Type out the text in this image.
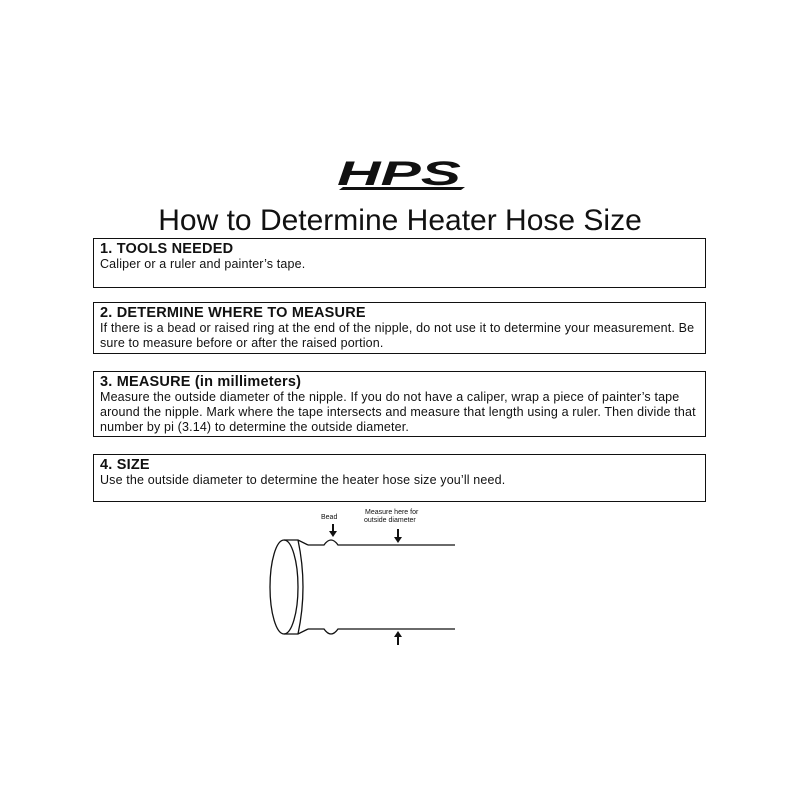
HPS
How to Determine Heater Hose Size
1. TOOLS NEEDED
Caliper or a ruler and painter’s tape.
2. DETERMINE WHERE TO MEASURE
If there is a bead or raised ring at the end of the nipple, do not use it to determine your measurement. Be sure to measure before or after the raised portion.
3. MEASURE (in millimeters)
Measure the outside diameter of the nipple. If you do not have a caliper, wrap a piece of painter’s tape around the nipple. Mark where the tape intersects and measure that length using a ruler. Then divide that number by pi (3.14) to determine the outside diameter.
4. SIZE
Use the outside diameter to determine the heater hose size you’ll need.
Bead
Measure here for
outside diameter
